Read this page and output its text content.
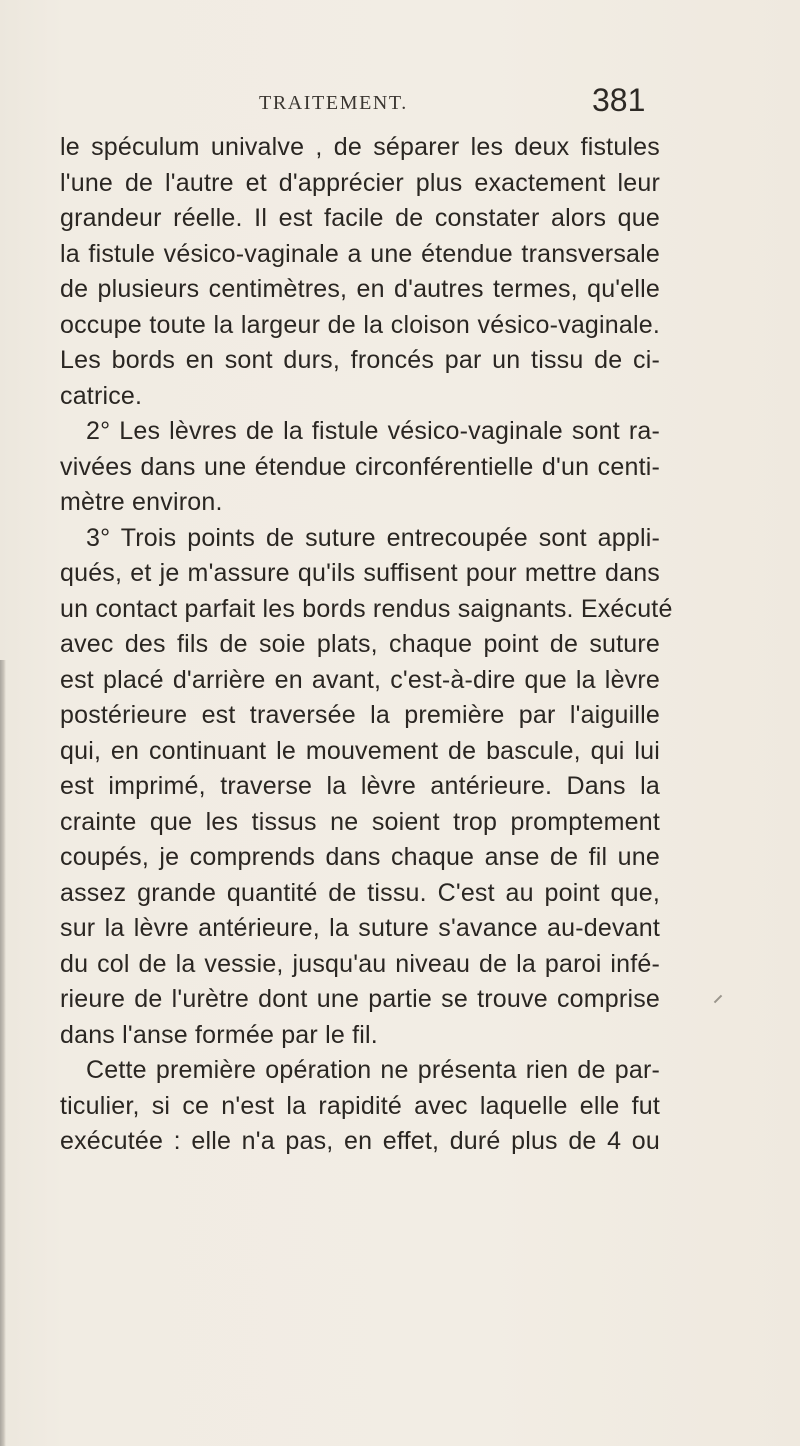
TRAITEMENT.	381
le spéculum univalve , de séparer les deux fistules
l'une de l'autre et d'apprécier plus exactement leur
grandeur réelle. Il est facile de constater alors que
la fistule vésico-vaginale a une étendue transversale
de plusieurs centimètres, en d'autres termes, qu'elle
occupe toute la largeur de la cloison vésico-vaginale.
Les bords en sont durs, froncés par un tissu de ci-
catrice.
2° Les lèvres de la fistule vésico-vaginale sont ra-
vivées dans une étendue circonférentielle d'un centi-
mètre environ.
3° Trois points de suture entrecoupée sont appli-
qués, et je m'assure qu'ils suffisent pour mettre dans
un contact parfait les bords rendus saignants. Exécuté
avec des fils de soie plats, chaque point de suture
est placé d'arrière en avant, c'est-à-dire que la lèvre
postérieure est traversée la première par l'aiguille
qui, en continuant le mouvement de bascule, qui lui
est imprimé, traverse la lèvre antérieure. Dans la
crainte que les tissus ne soient trop promptement
coupés, je comprends dans chaque anse de fil une
assez grande quantité de tissu. C'est au point que,
sur la lèvre antérieure, la suture s'avance au-devant
du col de la vessie, jusqu'au niveau de la paroi infé-
rieure de l'urètre dont une partie se trouve comprise
dans l'anse formée par le fil.
Cette première opération ne présenta rien de par-
ticulier, si ce n'est la rapidité avec laquelle elle fut
exécutée : elle n'a pas, en effet, duré plus de 4 ou
